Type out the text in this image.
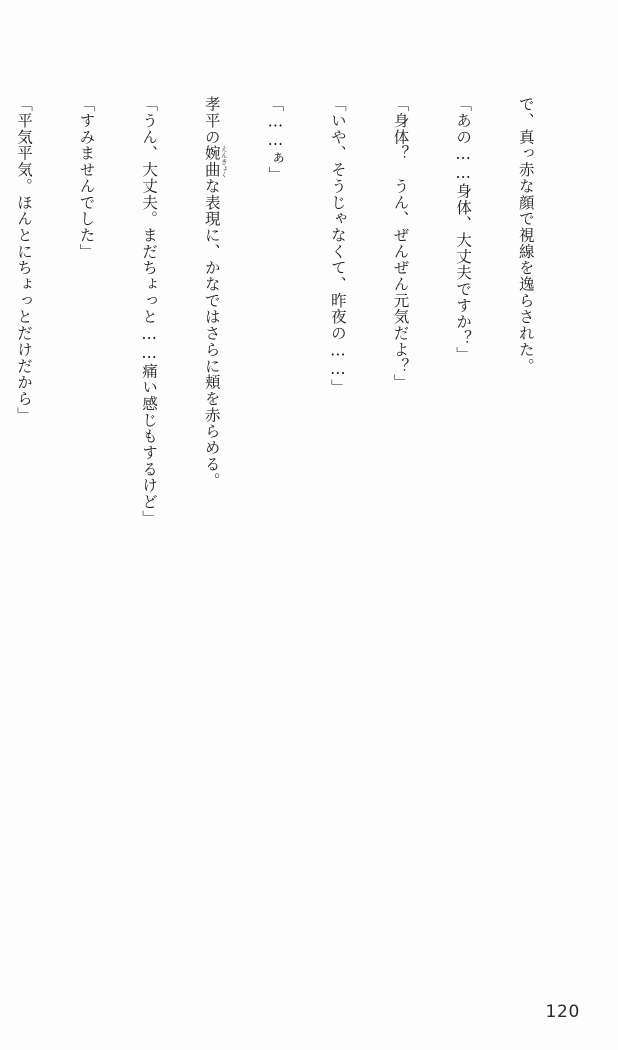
で、真っ赤な顔で視線を逸らされた。

「あの……身体、大丈夫ですか？」

「身体？　うん、ぜんぜん元気だよ？」

「いや、そうじゃなくて、昨夜の……」

「……ぁ」

孝平の婉曲 えんきょくな表現に、かなではさらに頬を赤らめる。

「うん、大丈夫。まだちょっと……痛い感じもするけど」

「すみませんでした」

「平気平気。ほんとにちょっとだけだから」

120
